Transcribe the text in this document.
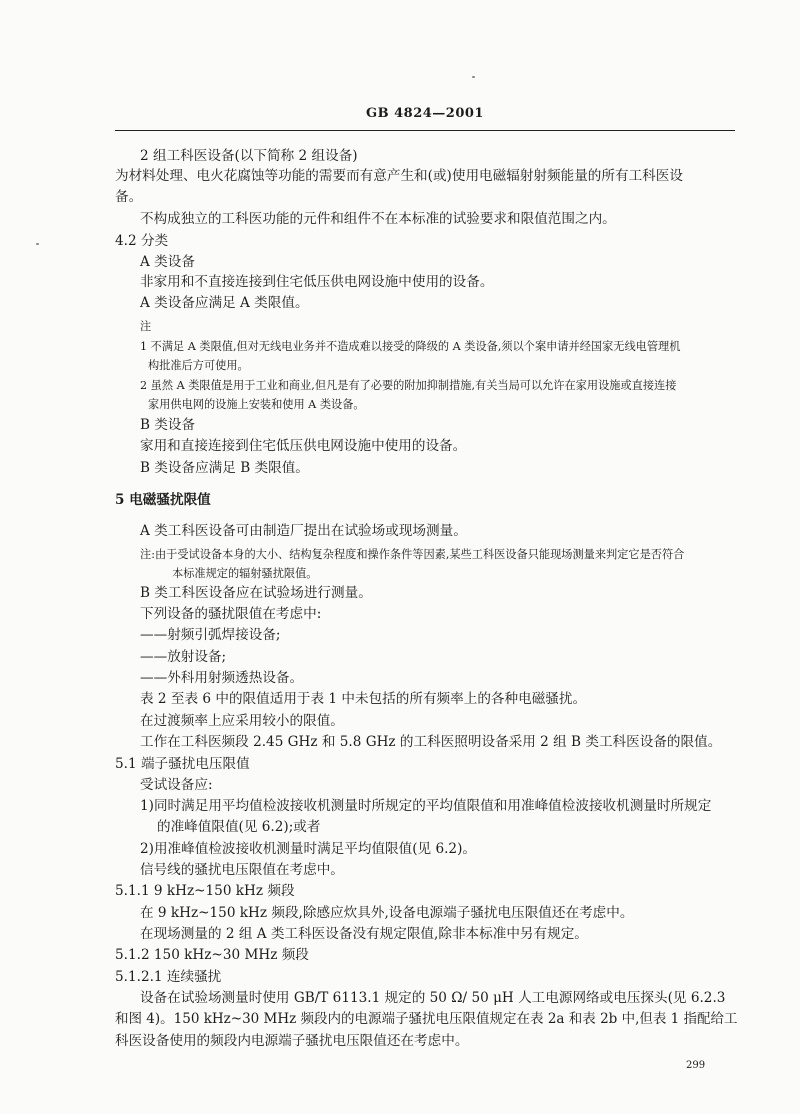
GB 4824—2001
2 组工科医设备(以下简称 2 组设备)
为材料处理、电火花腐蚀等功能的需要而有意产生和(或)使用电磁辐射射频能量的所有工科医设
备。
不构成独立的工科医功能的元件和组件不在本标准的试验要求和限值范围之内。
4.2 分类
A 类设备
非家用和不直接连接到住宅低压供电网设施中使用的设备。
A 类设备应满足 A 类限值。
注
1 不满足 A 类限值,但对无线电业务并不造成难以接受的降级的 A 类设备,须以个案申请并经国家无线电管理机
构批准后方可使用。
2 虽然 A 类限值是用于工业和商业,但凡是有了必要的附加抑制措施,有关当局可以允许在家用设施或直接连接
家用供电网的设施上安装和使用 A 类设备。
B 类设备
家用和直接连接到住宅低压供电网设施中使用的设备。
B 类设备应满足 B 类限值。
5 电磁骚扰限值
A 类工科医设备可由制造厂提出在试验场或现场测量。
注:由于受试设备本身的大小、结构复杂程度和操作条件等因素,某些工科医设备只能现场测量来判定它是否符合
本标准规定的辐射骚扰限值。
B 类工科医设备应在试验场进行测量。
下列设备的骚扰限值在考虑中:
——射频引弧焊接设备;
——放射设备;
——外科用射频透热设备。
表 2 至表 6 中的限值适用于表 1 中未包括的所有频率上的各种电磁骚扰。
在过渡频率上应采用较小的限值。
工作在工科医频段 2.45 GHz 和 5.8 GHz 的工科医照明设备采用 2 组 B 类工科医设备的限值。
5.1 端子骚扰电压限值
受试设备应:
1)同时满足用平均值检波接收机测量时所规定的平均值限值和用准峰值检波接收机测量时所规定
的准峰值限值(见 6.2);或者
2)用准峰值检波接收机测量时满足平均值限值(见 6.2)。
信号线的骚扰电压限值在考虑中。
5.1.1 9 kHz~150 kHz 频段
在 9 kHz~150 kHz 频段,除感应炊具外,设备电源端子骚扰电压限值还在考虑中。
在现场测量的 2 组 A 类工科医设备没有规定限值,除非本标准中另有规定。
5.1.2 150 kHz~30 MHz 频段
5.1.2.1 连续骚扰
设备在试验场测量时使用 GB/T 6113.1 规定的 50 Ω/ 50 μH 人工电源网络或电压探头(见 6.2.3
和图 4)。150 kHz~30 MHz 频段内的电源端子骚扰电压限值规定在表 2a 和表 2b 中,但表 1 指配给工
科医设备使用的频段内电源端子骚扰电压限值还在考虑中。
299
